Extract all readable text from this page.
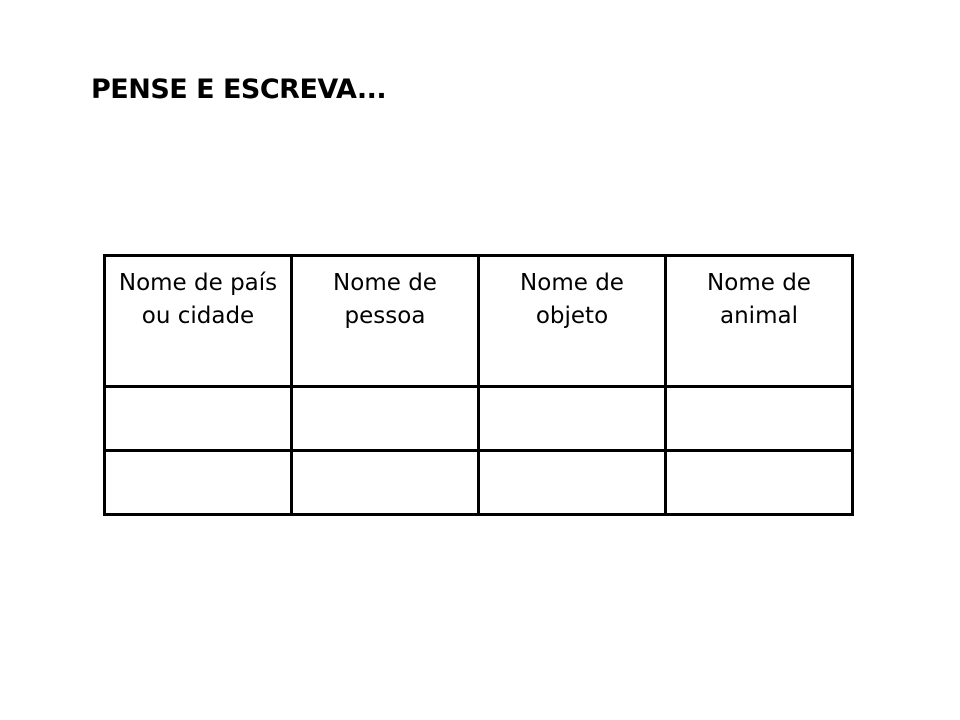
PENSE E ESCREVA...
Nome de país ou cidade	Nome de pessoa	Nome de objeto	Nome de animal
